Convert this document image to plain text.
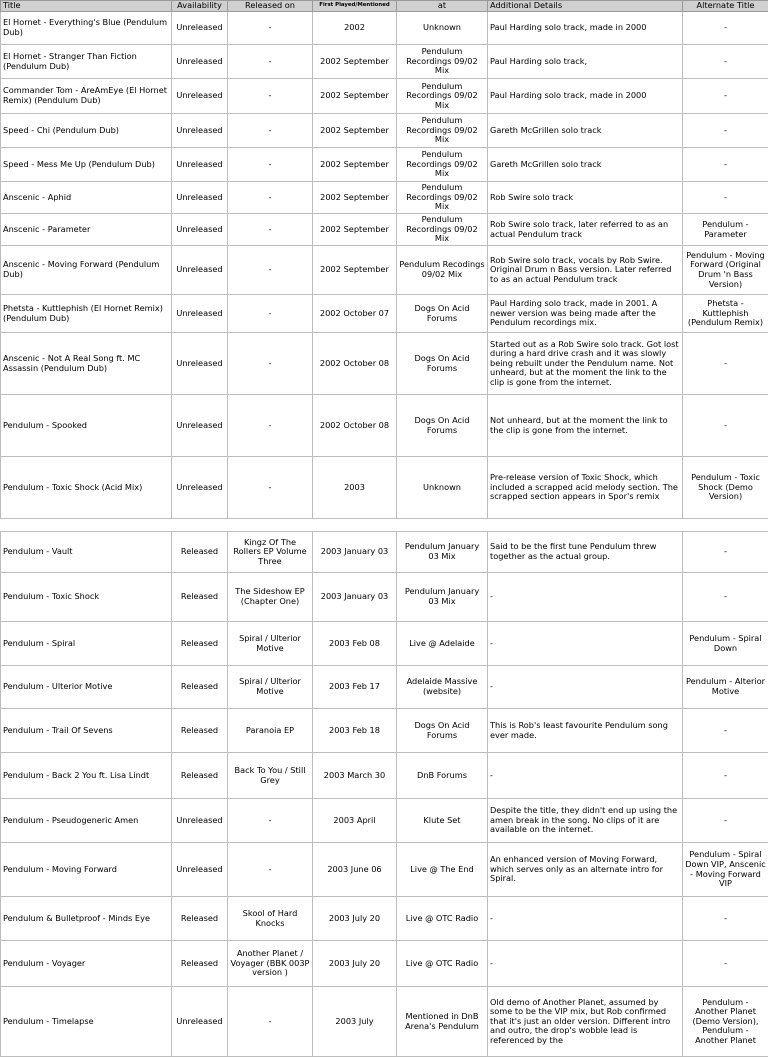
Title	Availability	Released on	First Played/Mentioned	at	Additional Details	Alternate Title
El Hornet - Everything's Blue (Pendulum Dub)	Unreleased	-	2002	Unknown	Paul Harding solo track, made in 2000	-
El Hornet - Stranger Than Fiction (Pendulum Dub)	Unreleased	-	2002 September	Pendulum Recordings 09/02 Mix	Paul Harding solo track,	-
Commander Tom - AreAmEye (El Hornet Remix) (Pendulum Dub)	Unreleased	-	2002 September	Pendulum Recordings 09/02 Mix	Paul Harding solo track, made in 2000	-
Speed - Chi (Pendulum Dub)	Unreleased	-	2002 September	Pendulum Recordings 09/02 Mix	Gareth McGrillen solo track	-
Speed - Mess Me Up (Pendulum Dub)	Unreleased	-	2002 September	Pendulum Recordings 09/02 Mix	Gareth McGrillen solo track	-
Anscenic - Aphid	Unreleased	-	2002 September	Pendulum Recordings 09/02 Mix	Rob Swire solo track	-
Anscenic - Parameter	Unreleased	-	2002 September	Pendulum Recordings 09/02 Mix	Rob Swire solo track, later referred to as an actual Pendulum track	Pendulum - Parameter
Anscenic - Moving Forward (Pendulum Dub)	Unreleased	-	2002 September	Pendulum Recodings 09/02 Mix	Rob Swire solo track, vocals by Rob Swire. Original Drum n Bass version. Later referred to as an actual Pendulum track	Pendulum - Moving Forward (Original Drum 'n Bass Version)
Phetsta - Kuttlephish (El Hornet Remix) (Pendulum Dub)	Unreleased	-	2002 October 07	Dogs On Acid Forums	Paul Harding solo track, made in 2001. A newer version was being made after the Pendulum recordings mix.	Phetsta - Kuttlephish (Pendulum Remix)
Anscenic - Not A Real Song ft. MC Assassin (Pendulum Dub)	Unreleased	-	2002 October 08	Dogs On Acid Forums	Started out as a Rob Swire solo track. Got lost during a hard drive crash and it was slowly being rebuilt under the Pendulum name. Not unheard, but at the moment the link to the clip is gone from the internet.	-
Pendulum - Spooked	Unreleased	-	2002 October 08	Dogs On Acid Forums	Not unheard, but at the moment the link to the clip is gone from the internet.	-
Pendulum - Toxic Shock (Acid Mix)	Unreleased	-	2003	Unknown	Pre-release version of Toxic Shock, which included a scrapped acid melody section. The scrapped section appears in Spor's remix	Pendulum - Toxic Shock (Demo Version)

Pendulum - Vault	Released	Kingz Of The Rollers EP Volume Three	2003 January 03	Pendulum January 03 Mix	Said to be the first tune Pendulum threw together as the actual group.	-
Pendulum - Toxic Shock	Released	The Sideshow EP (Chapter One)	2003 January 03	Pendulum January 03 Mix	-	-
Pendulum - Spiral	Released	Spiral / Ulterior Motive	2003 Feb 08	Live @ Adelaide	-	Pendulum - Spiral Down
Pendulum - Ulterior Motive	Released	Spiral / Ulterior Motive	2003 Feb 17	Adelaide Massive (website)	-	Pendulum - Alterior Motive
Pendulum - Trail Of Sevens	Released	Paranoia EP	2003 Feb 18	Dogs On Acid Forums	This is Rob's least favourite Pendulum song ever made.	-
Pendulum - Back 2 You ft. Lisa Lindt	Released	Back To You / Still Grey	2003 March 30	DnB Forums	-	-
Pendulum - Pseudogeneric Amen	Unreleased	-	2003 April	Klute Set	Despite the title, they didn't end up using the amen break in the song. No clips of it are available on the internet.	-
Pendulum - Moving Forward	Unreleased	-	2003 June 06	Live @ The End	An enhanced version of Moving Forward, which serves only as an alternate intro for Spiral.	Pendulum - Spiral Down VIP, Anscenic - Moving Forward VIP
Pendulum & Bulletproof - Minds Eye	Released	Skool of Hard Knocks	2003 July 20	Live @ OTC Radio	-	-
Pendulum - Voyager	Released	Another Planet / Voyager (BBK 003P version )	2003 July 20	Live @ OTC Radio	-	-
Pendulum - Timelapse	Unreleased	-	2003 July	Mentioned in DnB Arena's Pendulum	Old demo of Another Planet, assumed by some to be the VIP mix, but Rob confirmed that it's just an older version. Different intro and outro, the drop's wobble lead is referenced by the	Pendulum - Another Planet (Demo Version), Pendulum - Another Planet
